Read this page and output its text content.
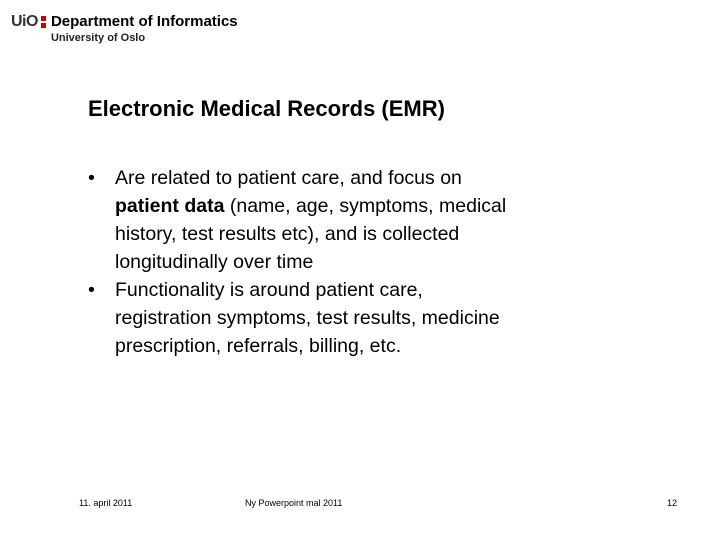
UiO Department of Informatics
University of Oslo
Electronic Medical Records (EMR)
• Are related to patient care, and focus on
patient data (name, age, symptoms, medical
history, test results etc), and is collected
longitudinally over time
• Functionality is around patient care,
registration symptoms, test results, medicine
prescription, referrals, billing, etc.
11. april 2011	Ny Powerpoint mal 2011	12
